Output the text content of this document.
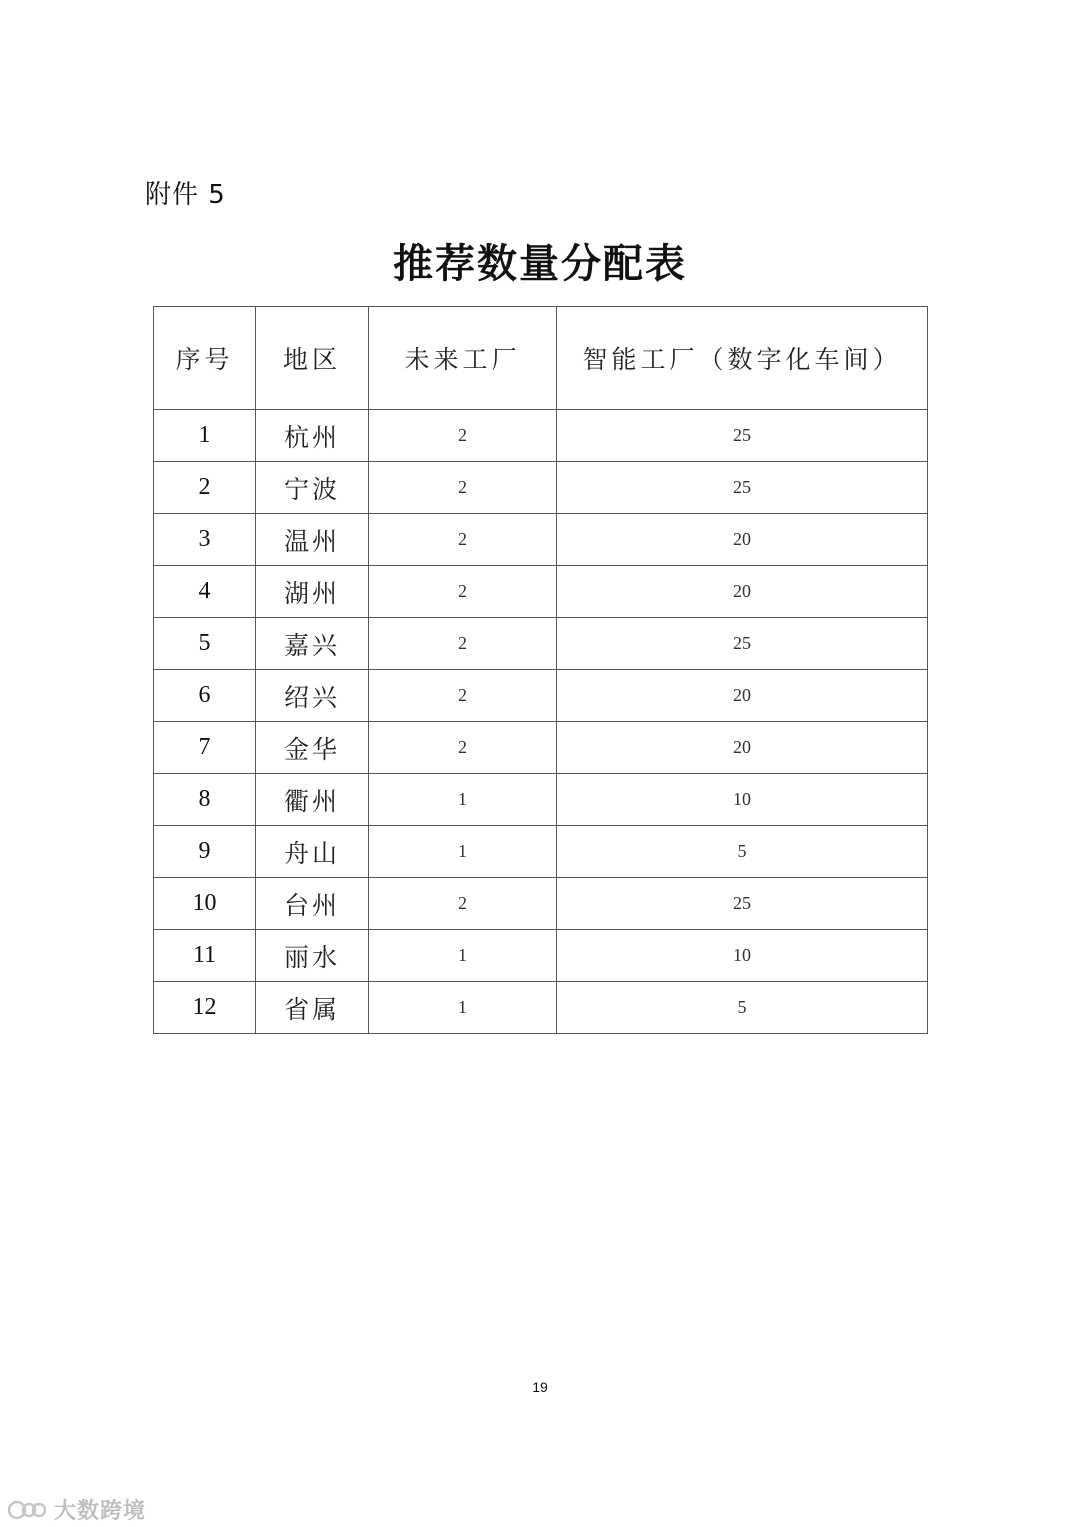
附件 5
推荐数量分配表
序号	地区	未来工厂	智能工厂（数字化车间）
1	杭州	2	25
2	宁波	2	25
3	温州	2	20
4	湖州	2	20
5	嘉兴	2	25
6	绍兴	2	20
7	金华	2	20
8	衢州	1	10
9	舟山	1	5
10	台州	2	25
11	丽水	1	10
12	省属	1	5
19
大数跨境
